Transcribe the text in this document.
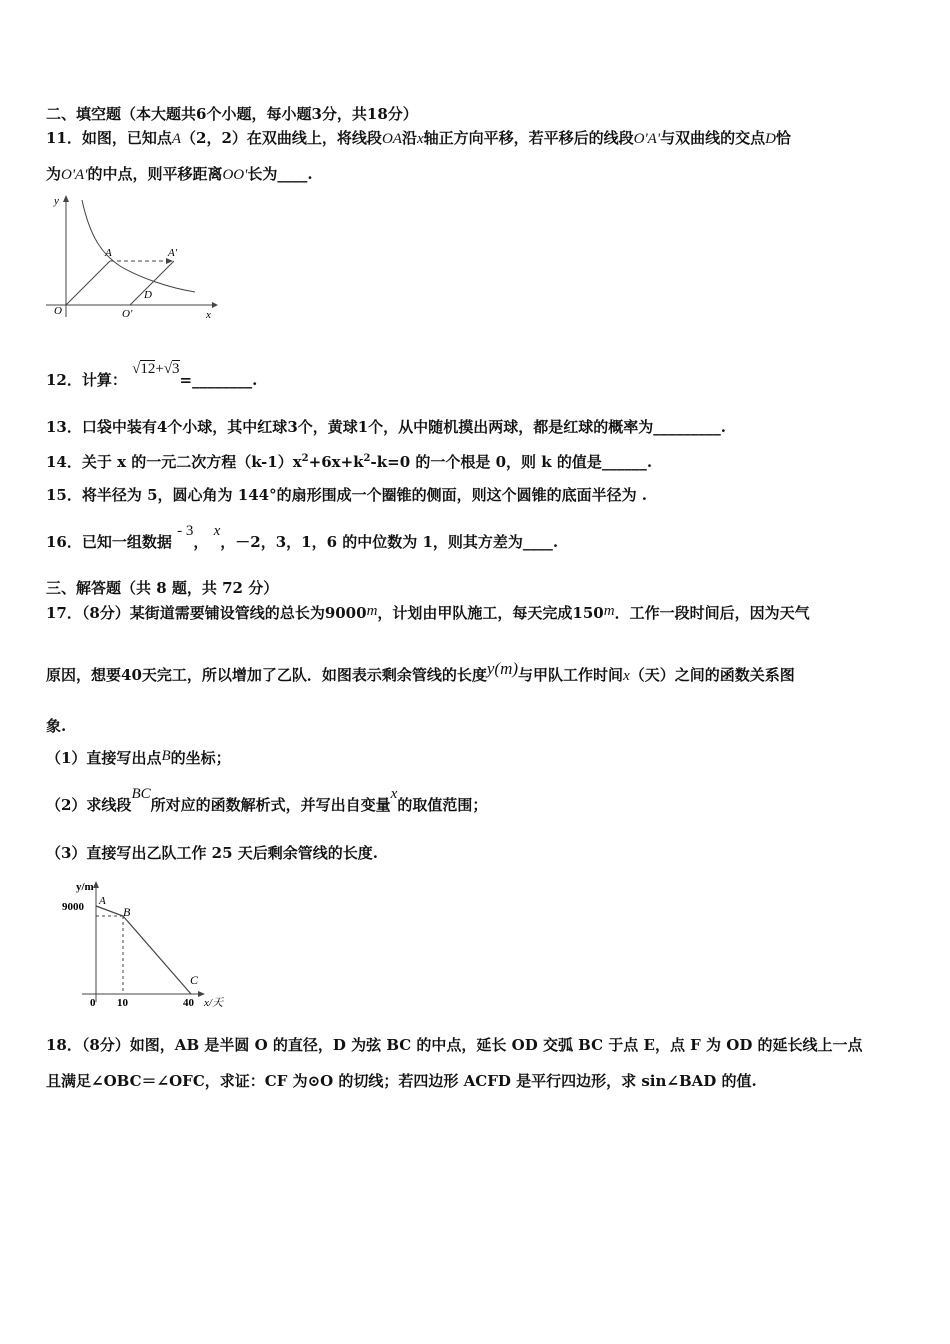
二、填空题（本大题共6个小题，每小题3分，共18分）
11．如图，已知点A（2，2）在双曲线上，将线段OA沿x轴正方向平移，若平移后的线段O'A'与双曲线的交点D恰
为O'A'的中点，则平移距离OO'长为____.
O	O'	x
y
A	A'
D
12．计算： √12+√3=________.
13．口袋中装有4个小球，其中红球3个，黄球1个，从中随机摸出两球，都是红球的概率为_________.
14．关于 x 的一元二次方程$(k-1)x^2+6x+k^2-k=0$ 的一个根是 0，则 k 的值是______.
15．将半径为 5，圆心角为 144°的扇形围成一个圈锥的侧面，则这个圆锥的底面半径为 .
16．已知一组数据 - 3， x，－2，3，1，6 的中位数为 1，则其方差为____.
三、解答题（共 8 题，共 72 分）
17．（8分）某街道需要铺设管线的总长为9000m，计划由甲队施工，每天完成150m．工作一段时间后，因为天气
原因，想要40天完工，所以增加了乙队．如图表示剩余管线的长度y(m)与甲队工作时间x（天）之间的函数关系图
象.
（1）直接写出点B的坐标；
（2）求线段BC所对应的函数解析式，并写出自变量x的取值范围；
（3）直接写出乙队工作 25 天后剩余管线的长度.
y/m
9000 A
B
C
0 10	40 x/天
18．（8分）如图，AB 是半圆 O 的直径，D 为弦 BC 的中点，延长 OD 交弧 BC 于点 E，点 F 为 OD 的延长线上一点
且满足∠OBC＝∠OFC，求证：CF 为⊙O 的切线；若四边形 ACFD 是平行四边形，求 sin∠BAD 的值.
